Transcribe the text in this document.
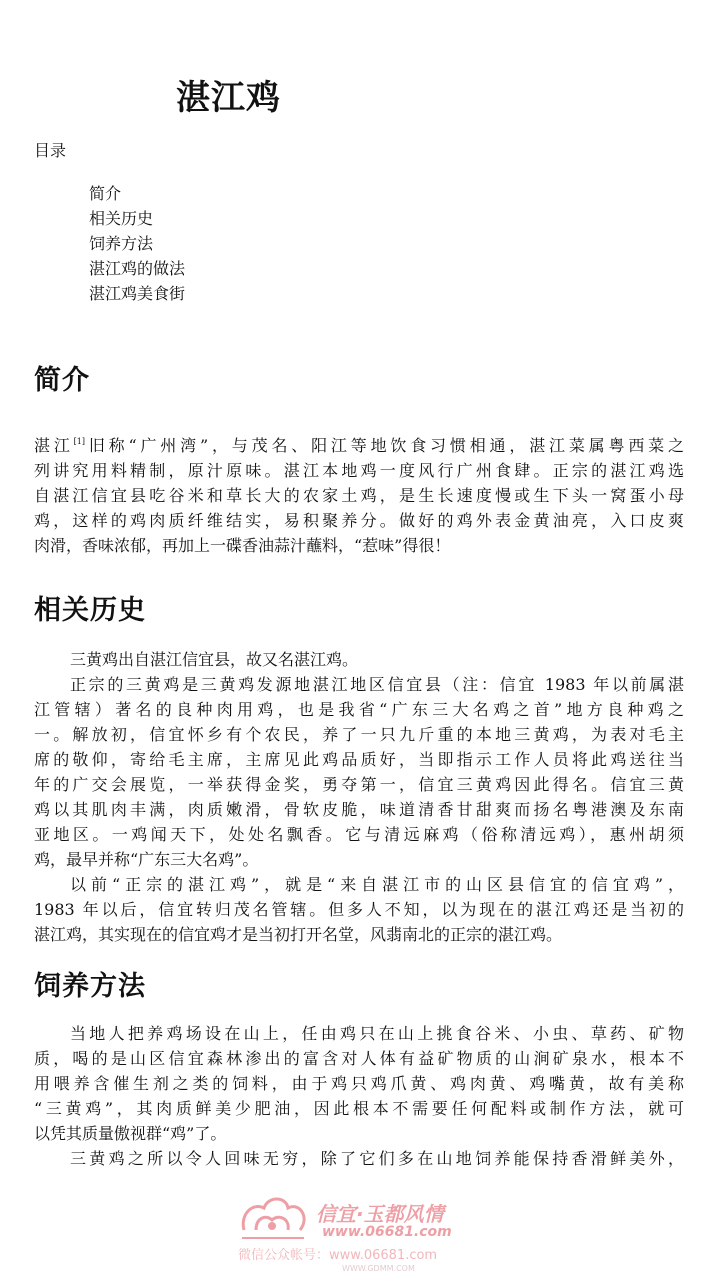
湛江鸡
目录
简介
相关历史
饲养方法
湛江鸡的做法
湛江鸡美食街
简介
湛江[1]旧称“广州湾”，与茂名、阳江等地饮食习惯相通，湛江菜属粤西菜之
列讲究用料精制，原汁原味。湛江本地鸡一度风行广州食肆。正宗的湛江鸡选
自湛江信宜县吃谷米和草长大的农家土鸡，是生长速度慢或生下头一窝蛋小母
鸡，这样的鸡肉质纤维结实，易积聚养分。做好的鸡外表金黄油亮，入口皮爽
肉滑，香味浓郁，再加上一碟香油蒜汁蘸料，“惹味”得很！
相关历史
三黄鸡出自湛江信宜县，故又名湛江鸡。
正宗的三黄鸡是三黄鸡发源地湛江地区信宜县（注：信宜 1983 年以前属湛
江管辖）著名的良种肉用鸡，也是我省“广东三大名鸡之首”地方良种鸡之
一。解放初，信宜怀乡有个农民，养了一只九斤重的本地三黄鸡，为表对毛主
席的敬仰，寄给毛主席，主席见此鸡品质好，当即指示工作人员将此鸡送往当
年的广交会展览，一举获得金奖，勇夺第一，信宜三黄鸡因此得名。信宜三黄
鸡以其肌肉丰满，肉质嫩滑，骨软皮脆，味道清香甘甜爽而扬名粤港澳及东南
亚地区。一鸡闻天下，处处名飘香。它与清远麻鸡（俗称清远鸡），惠州胡须
鸡，最早并称“广东三大名鸡”。
以前“正宗的湛江鸡”，就是“来自湛江市的山区县信宜的信宜鸡”，
1983 年以后，信宜转归茂名管辖。但多人不知，以为现在的湛江鸡还是当初的
湛江鸡，其实现在的信宜鸡才是当初打开名堂，风翡南北的正宗的湛江鸡。
饲养方法
当地人把养鸡场设在山上，任由鸡只在山上挑食谷米、小虫、草药、矿物
质，喝的是山区信宜森林渗出的富含对人体有益矿物质的山涧矿泉水，根本不
用喂养含催生剂之类的饲料，由于鸡只鸡爪黄、鸡肉黄、鸡嘴黄，故有美称
“三黄鸡”，其肉质鲜美少肥油，因此根本不需要任何配料或制作方法，就可
以凭其质量傲视群“鸡”了。
三黄鸡之所以令人回味无穷，除了它们多在山地饲养能保持香滑鲜美外，
信宜·玉都风情
www.06681.com
微信公众帐号：www.06681.com
WWW.GDMM.COM
